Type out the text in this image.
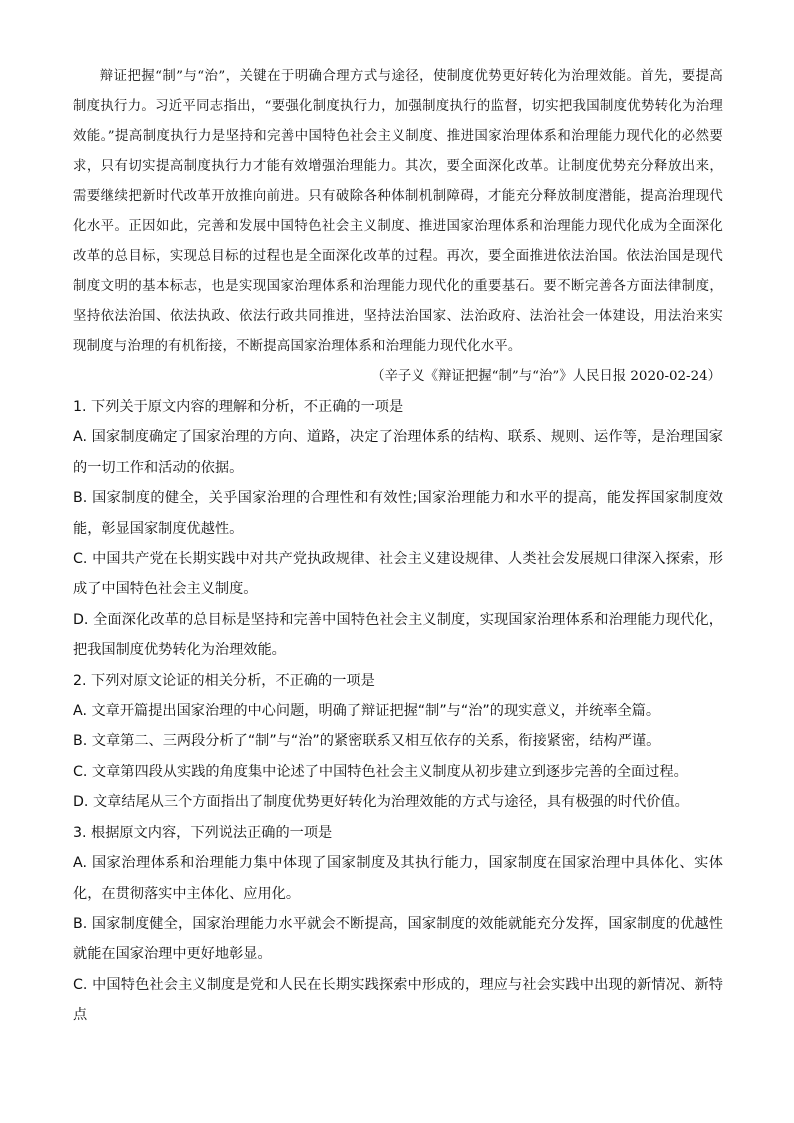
辩证把握“制”与“治”，关键在于明确合理方式与途径，使制度优势更好转化为治理效能。首先，要提高制度执行力。习近平同志指出，“要强化制度执行力，加强制度执行的监督，切实把我国制度优势转化为治理效能。”提高制度执行力是坚持和完善中国特色社会主义制度、推进国家治理体系和治理能力现代化的必然要求，只有切实提高制度执行力才能有效增强治理能力。其次，要全面深化改革。让制度优势充分释放出来，需要继续把新时代改革开放推向前进。只有破除各种体制机制障碍，才能充分释放制度潜能，提高治理现代化水平。正因如此，完善和发展中国特色社会主义制度、推进国家治理体系和治理能力现代化成为全面深化改革的总目标，实现总目标的过程也是全面深化改革的过程。再次，要全面推进依法治国。依法治国是现代制度文明的基本标志，也是实现国家治理体系和治理能力现代化的重要基石。要不断完善各方面法律制度，坚持依法治国、依法执政、依法行政共同推进，坚持法治国家、法治政府、法治社会一体建设，用法治来实现制度与治理的有机衔接，不断提高国家治理体系和治理能力现代化水平。

（辛子义《辩证把握“制”与“治”》人民日报 2020-02-24）

1. 下列关于原文内容的理解和分析，不正确的一项是

A. 国家制度确定了国家治理的方向、道路，决定了治理体系的结构、联系、规则、运作等，是治理国家的一切工作和活动的依据。

B. 国家制度的健全，关乎国家治理的合理性和有效性;国家治理能力和水平的提高，能发挥国家制度效能，彰显国家制度优越性。

C. 中国共产党在长期实践中对共产党执政规律、社会主义建设规律、人类社会发展规口律深入探索，形成了中国特色社会主义制度。

D. 全面深化改革的总目标是坚持和完善中国特色社会主义制度，实现国家治理体系和治理能力现代化，把我国制度优势转化为治理效能。

2. 下列对原文论证的相关分析，不正确的一项是

A. 文章开篇提出国家治理的中心问题，明确了辩证把握“制”与“治”的现实意义，并统率全篇。

B. 文章第二、三两段分析了“制”与“治”的紧密联系又相互依存的关系，衔接紧密，结构严谨。

C. 文章第四段从实践的角度集中论述了中国特色社会主义制度从初步建立到逐步完善的全面过程。

D. 文章结尾从三个方面指出了制度优势更好转化为治理效能的方式与途径，具有极强的时代价值。

3. 根据原文内容，下列说法正确的一项是

A. 国家治理体系和治理能力集中体现了国家制度及其执行能力，国家制度在国家治理中具体化、实体化，在贯彻落实中主体化、应用化。

B. 国家制度健全，国家治理能力水平就会不断提高，国家制度的效能就能充分发挥，国家制度的优越性就能在国家治理中更好地彰显。

C. 中国特色社会主义制度是党和人民在长期实践探索中形成的，理应与社会实践中出现的新情况、新特点
